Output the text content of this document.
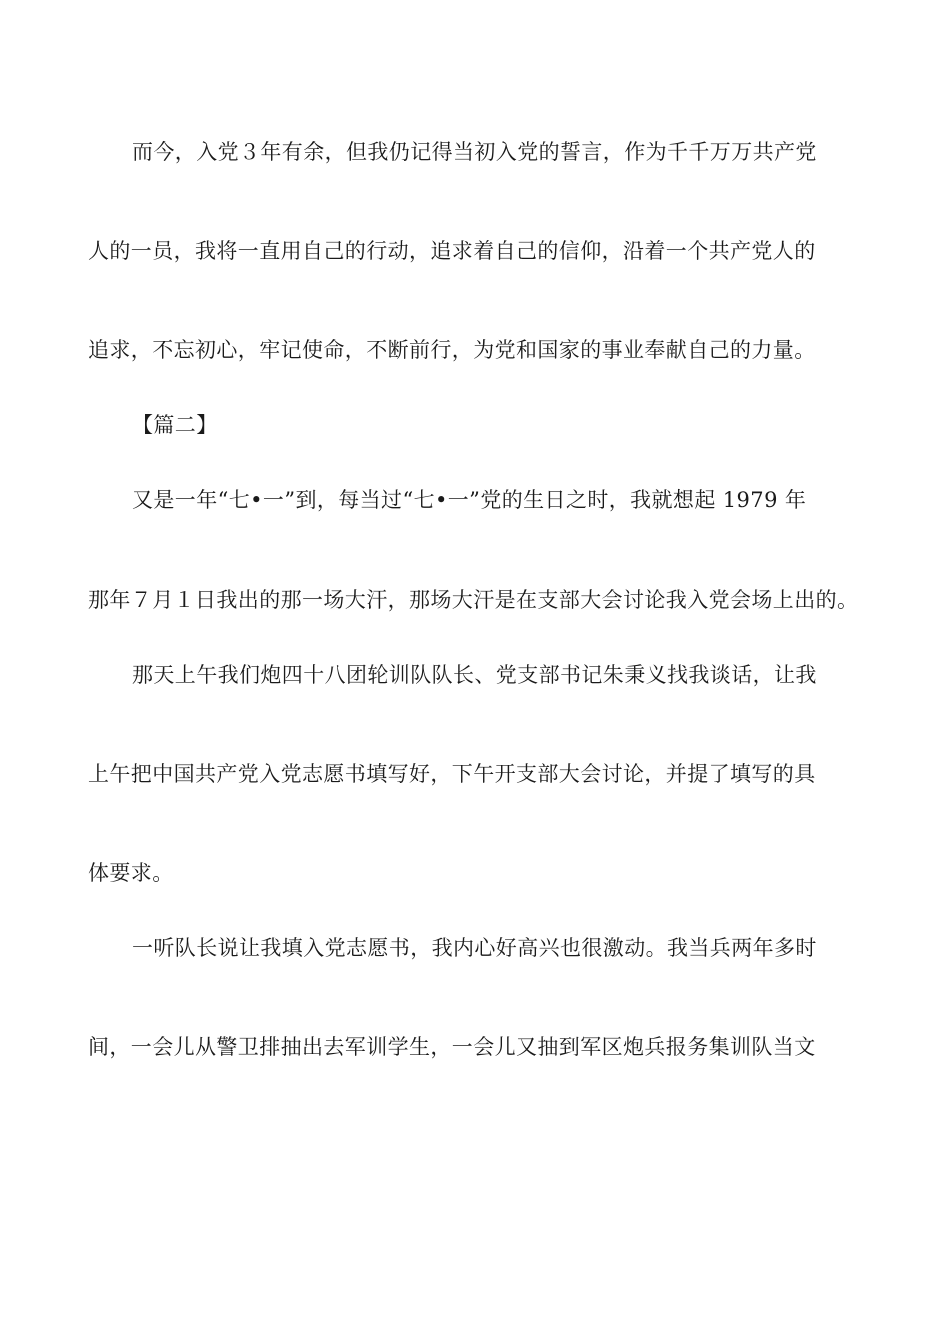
而今，入党３年有余，但我仍记得当初入党的誓言，作为千千万万共产党
人的一员，我将一直用自己的行动，追求着自己的信仰，沿着一个共产党人的
追求，不忘初心，牢记使命，不断前行，为党和国家的事业奉献自己的力量。
【篇二】
又是一年“七•一”到，每当过“七•一”党的生日之时，我就想起 1979 年
那年７月１日我出的那一场大汗，那场大汗是在支部大会讨论我入党会场上出的。
那天上午我们炮四十八团轮训队队长、党支部书记朱秉义找我谈话，让我
上午把中国共产党入党志愿书填写好，下午开支部大会讨论，并提了填写的具
体要求。
一听队长说让我填入党志愿书，我内心好高兴也很激动。我当兵两年多时
间，一会儿从警卫排抽出去军训学生，一会儿又抽到军区炮兵报务集训队当文
